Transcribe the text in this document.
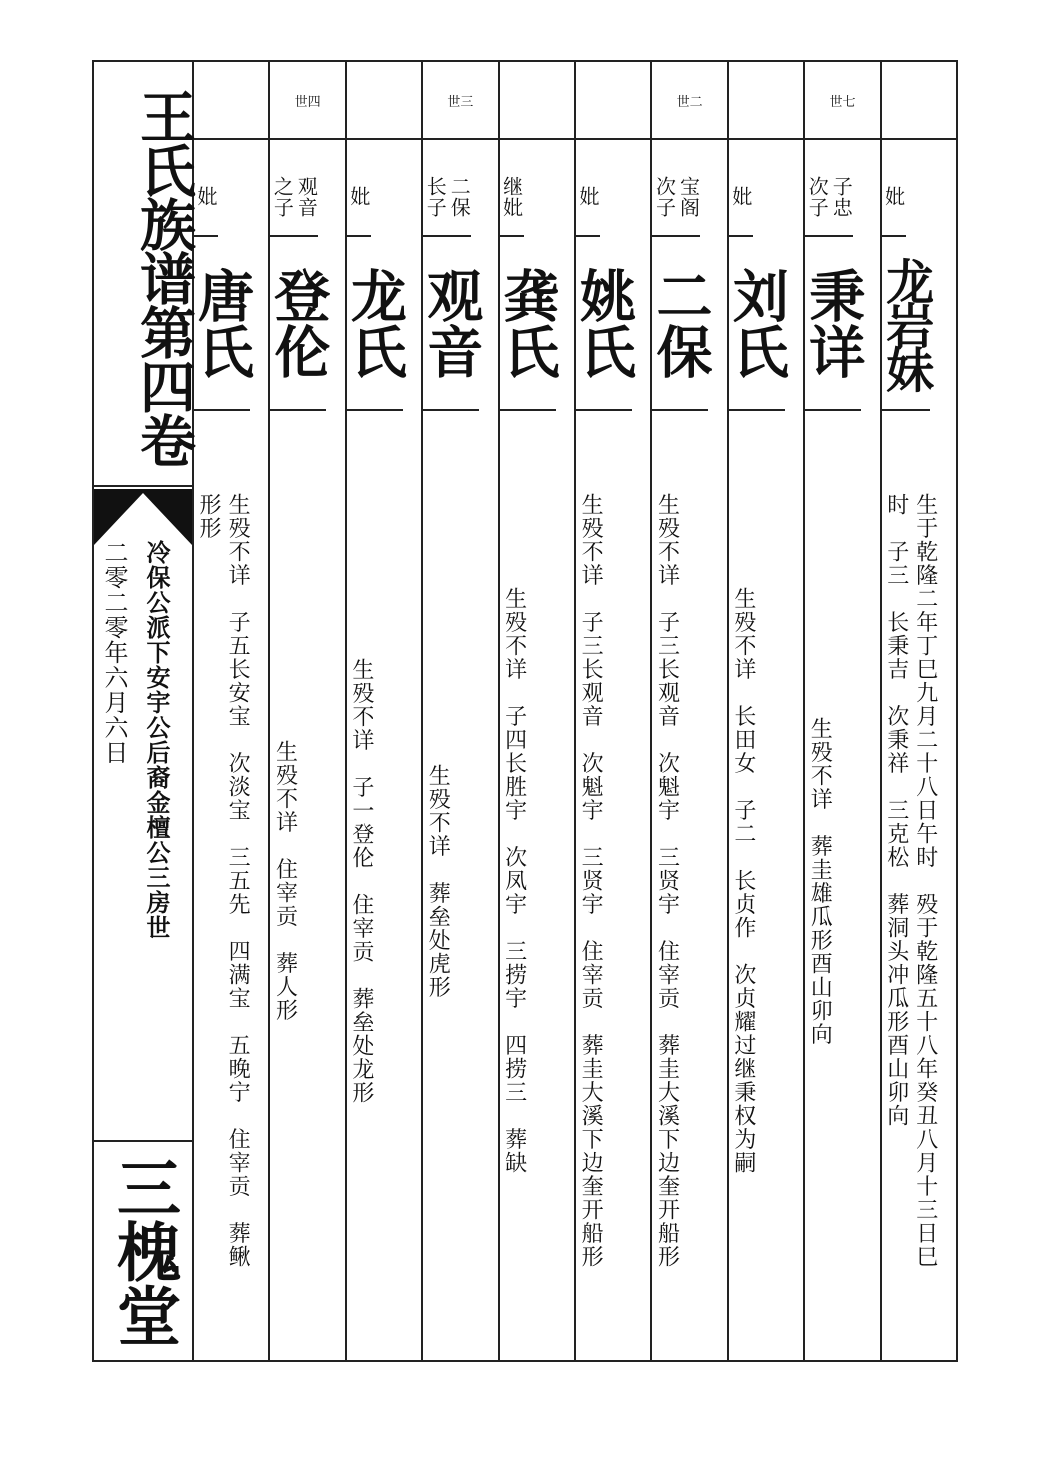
王氏族谱第四卷
冷保公派下安宇公后裔金檀公三房世
二零二零年六月六日
三槐堂
妣
唐氏
生殁不详　子五长安宝　次淡宝　三五先　四满宝　五晚宁　住宰贡　葬鳅
形形
世四
观音
之子
登伦
生殁不详　住宰贡　葬人形
妣
龙氏
生殁不详　子一登伦　住宰贡　葬垒处龙形
世三
二保
长子
观音
生殁不详　葬垒处虎形
继妣
龚氏
生殁不详　子四长胜宇　次凤宇　三捞宇　四捞三　葬缺
妣
姚氏
生殁不详　子三长观音　次魁宇　三贤宇　住宰贡　葬圭大溪下边奎开船形
世二
宝阁
次子
二保
生殁不详　子三长观音　次魁宇　三贤宇　住宰贡　葬圭大溪下边奎开船形
妣
刘氏
生殁不详　长田女　子二　长贞作　次贞耀过继秉权为嗣
世七
子忠
次子
秉详
生殁不详　葬圭雄瓜形酉山卯向
妣
龙岩妹
生于乾隆二年丁巳九月二十八日午时　殁于乾隆五十八年癸丑八月十三日巳
时　子三　长秉吉　次秉祥　三克松　葬洞头冲瓜形酉山卯向
